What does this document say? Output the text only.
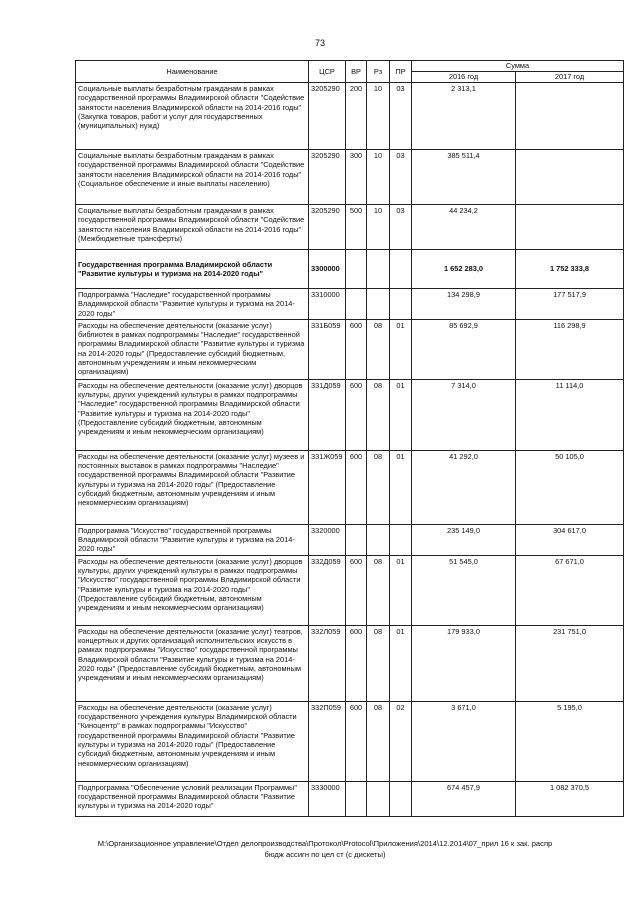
73
Наименование	ЦСР	ВР	Рз	ПР	Сумма	
					2016 год	2017 год
Социальные выплаты безработным гражданам в рамках государственной программы Владимирской области "Содействие занятости населения Владимирской области на 2014-2016 годы" (Закупка товаров, работ и услуг для государственных (муниципальных) нужд)	3205290	200	10	03	2 313,1	
Социальные выплаты безработным гражданам в рамках государственной программы Владимирской области "Содействие занятости населения Владимирской области на 2014-2016 годы" (Социальное обеспечение и иные выплаты населению)	3205290	300	10	03	385 511,4	
Социальные выплаты безработным гражданам в рамках государственной программы Владимирской области "Содействие занятости населения Владимирской области на 2014-2016 годы" (Межбюджетные трансферты)	3205290	500	10	03	44 234,2	
Государственная программа Владимирской области "Развитие культуры и туризма на 2014-2020 годы"	3300000				1 652 283,0	1 752 333,8
Подпрограмма "Наследие" государственной программы Владимирской области "Развитие культуры и туризма на 2014-2020 годы"	3310000				134 298,9	177 517,9
Расходы на обеспечение деятельности (оказание услуг) библиотек в рамках подпрограммы "Наследие" государственной программы Владимирской области "Развитие культуры и туризма на 2014-2020 годы" (Предоставление субсидий бюджетным, автономным учреждениям и иным некоммерческим организациям)	331Б059	600	08	01	85 692,9	116 298,9
Расходы на обеспечение деятельности (оказание услуг) дворцов культуры, других учреждений культуры в рамках подпрограммы "Наследие" государственной программы Владимирской области "Развитие культуры и туризма на 2014-2020 годы" (Предоставление субсидий бюджетным, автономным учреждениям и иным некоммерческим организациям)	331Д059	600	08	01	7 314,0	11 114,0
Расходы на обеспечение деятельности (оказание услуг) музеев и постоянных выставок в рамках подпрограммы "Наследие" государственной программы Владимирской области "Развитие культуры и туризма на 2014-2020 годы" (Предоставление субсидий бюджетным, автономным учреждениям и иным некоммерческим организациям)	331Ж059	600	08	01	41 292,0	50 105,0
Подпрограмма "Искусство" государственной программы Владимирской области "Развитие культуры и туризма на 2014-2020 годы"	3320000				235 149,0	304 617,0
Расходы на обеспечение деятельности (оказание услуг) дворцов культуры, других учреждений культуры в рамках подпрограммы "Искусство" государственной программы Владимирской области "Развитие культуры и туризма на 2014-2020 годы" (Предоставление субсидий бюджетным, автономным учреждениям и иным некоммерческим организациям)	332Д059	600	08	01	51 545,0	67 671,0
Расходы на обеспечение деятельности (оказание услуг) театров, концертных и других организаций исполнительских искусств в рамках подпрограммы "Искусство" государственной программы Владимирской области "Развитие культуры и туризма на 2014-2020 годы" (Предоставление субсидий бюджетным, автономным учреждениям и иным некоммерческим организациям)	332Л059	600	08	01	179 933,0	231 751,0
Расходы на обеспечение деятельности (оказание услуг) государственного учреждения культуры Владимирской области "Киноцентр" в рамках подпрограммы "Искусство" государственной программы Владимирской области "Развитие культуры и туризма на 2014-2020 годы" (Предоставление субсидий бюджетным, автономным учреждениям и иным некоммерческим организациям)	332П059	600	08	02	3 671,0	5 195,0
Подпрограмма "Обеспечение условий реализации Программы" государственной программы Владимирской области "Развитие культуры и туризма на 2014-2020 годы"	3330000				674 457,9	1 082 370,5
М:\Организационное управление\Отдел делопроизводства\Протокол\Protocol\Приложения\2014\12.2014\07_прил 16 к зак. распр
бюдж ассигн по цел ст (с дискеты)
